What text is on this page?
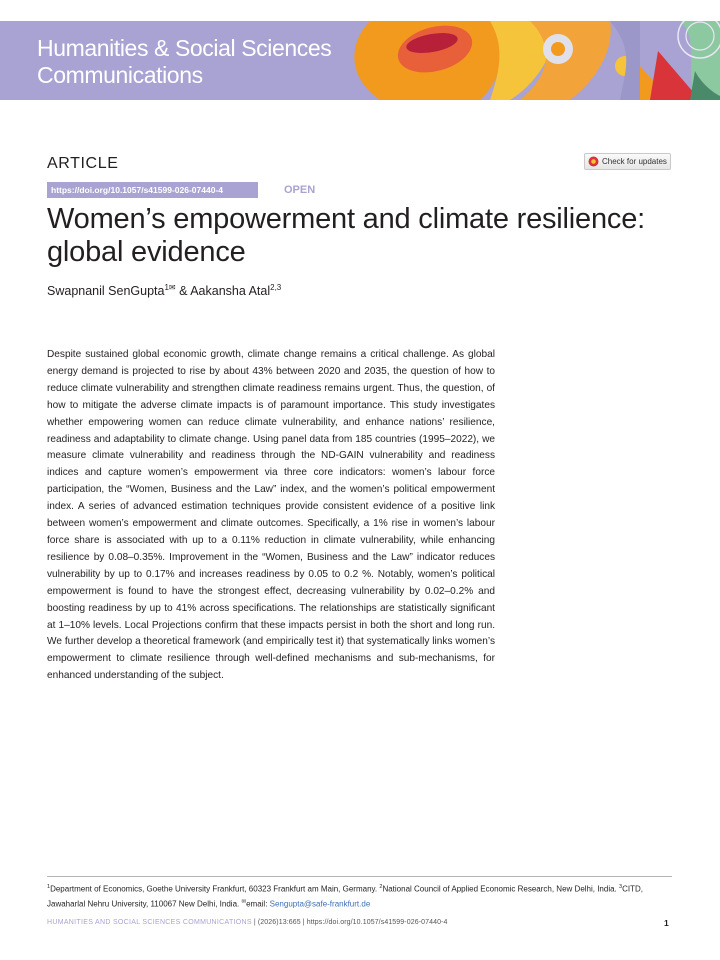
Humanities & Social Sciences
Communications
ARTICLE	Check for updates
https://doi.org/10.1057/s41599-026-07440-4	OPEN
Women’s empowerment and climate resilience: global evidence
Swapnanil SenGupta$^{1✉}$ & Aakansha Atal$^{2,3}$

Despite sustained global economic growth, climate change remains a critical challenge. As global energy demand is projected to rise by about 43% between 2020 and 2035, the question of how to reduce climate vulnerability and strengthen climate readiness remains urgent. Thus, the question, of how to mitigate the adverse climate impacts is of paramount importance. This study investigates whether empowering women can reduce climate vulnerability, and enhance nations’ resilience, readiness and adaptability to climate change. Using panel data from 185 countries (1995–2022), we measure climate vulnerability and readiness through the ND-GAIN vulnerability and readiness indices and capture women’s empowerment via three core indicators: women’s labour force participation, the “Women, Business and the Law” index, and the women’s political empowerment index. A series of advanced estimation techniques provide consistent evidence of a positive link between women’s empowerment and climate outcomes. Specifically, a 1% rise in women’s labour force share is associated with up to a 0.11% reduction in climate vulnerability, while enhancing resilience by 0.08–0.35%. Improvement in the “Women, Business and the Law” indicator reduces vulnerability by up to 0.17% and increases readiness by 0.05 to 0.2 %. Notably, women’s political empowerment is found to have the strongest effect, decreasing vulnerability by 0.02–0.2% and boosting readiness by up to 41% across specifications. The relationships are statistically significant at 1–10% levels. Local Projections confirm that these impacts persist in both the short and long run. We further develop a theoretical framework (and empirically test it) that systematically links women’s empowerment to climate resilience through well-defined mechanisms and sub-mechanisms, for enhanced understanding of the subject.

$^1$Department of Economics, Goethe University Frankfurt, 60323 Frankfurt am Main, Germany. $^2$National Council of Applied Economic Research, New Delhi, India. $^3$CITD, Jawaharlal Nehru University, 110067 New Delhi, India. ✉email: Sengupta@safe-frankfurt.de
HUMANITIES AND SOCIAL SCIENCES COMMUNICATIONS | (2026)13:665 | https://doi.org/10.1057/s41599-026-07440-4	1
